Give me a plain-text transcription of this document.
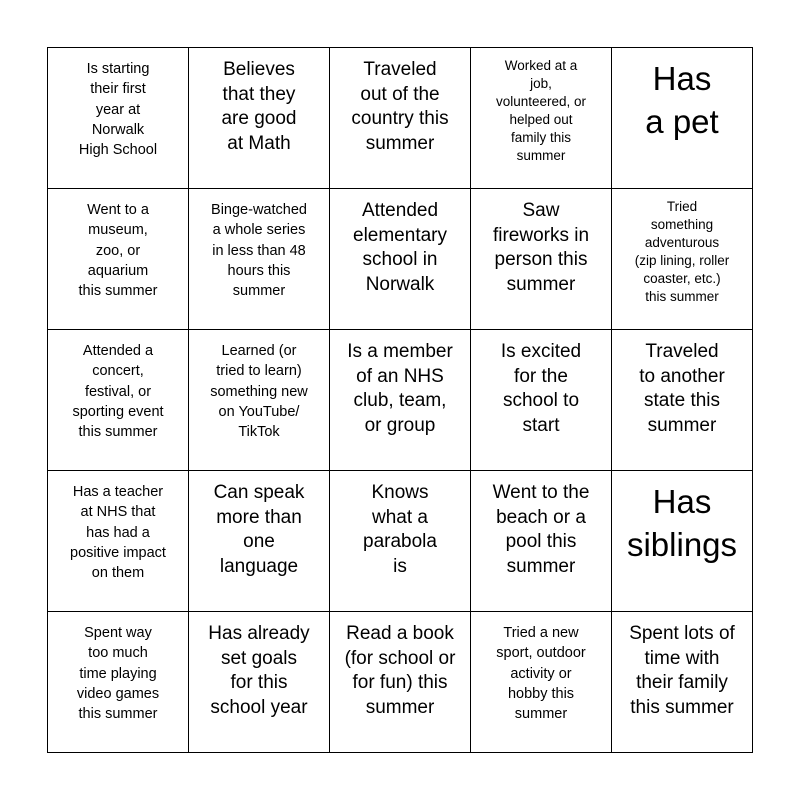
Is starting
their first
year at
Norwalk
High School
Believes
that they
are good
at Math
Traveled
out of the
country this
summer
Worked at a
job,
volunteered, or
helped out
family this
summer
Has
a pet
Went to a
museum,
zoo, or
aquarium
this summer
Binge-watched
a whole series
in less than 48
hours this
summer
Attended
elementary
school in
Norwalk
Saw
fireworks in
person this
summer
Tried
something
adventurous
(zip lining, roller
coaster, etc.)
this summer
Attended a
concert,
festival, or
sporting event
this summer
Learned (or
tried to learn)
something new
on YouTube/
TikTok
Is a member
of an NHS
club, team,
or group
Is excited
for the
school to
start
Traveled
to another
state this
summer
Has a teacher
at NHS that
has had a
positive impact
on them
Can speak
more than
one
language
Knows
what a
parabola
is
Went to the
beach or a
pool this
summer
Has
siblings
Spent way
too much
time playing
video games
this summer
Has already
set goals
for this
school year
Read a book
(for school or
for fun) this
summer
Tried a new
sport, outdoor
activity or
hobby this
summer
Spent lots of
time with
their family
this summer
